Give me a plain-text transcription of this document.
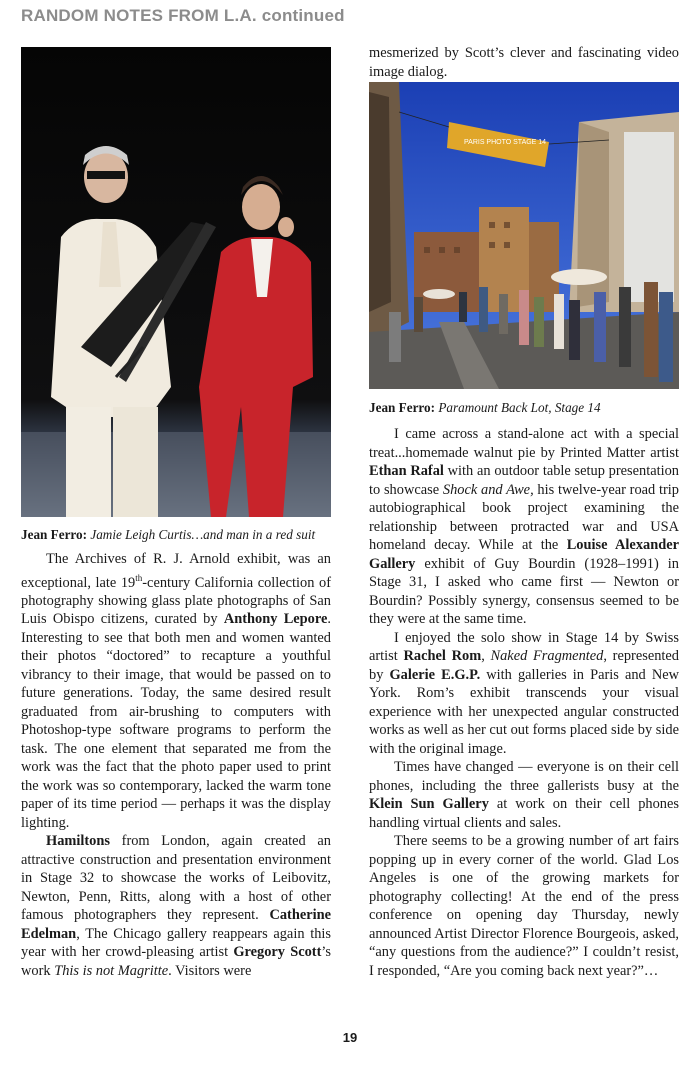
RANDOM NOTES FROM L.A. continued
Jean Ferro: Jamie Leigh Curtis…and man in a red suit
PARIS PHOTO STAGE 14
Jean Ferro: Paramount Back Lot, Stage 14

The Archives of R. J. Arnold exhibit, was an exceptional, late 19th-century California collection of photography showing glass plate photographs of San Luis Obispo citizens, curated by Anthony Lepore. Interesting to see that both men and women wanted their photos “doctored” to recapture a youthful vibrancy to their image, that would be passed on to future generations. Today, the same desired result graduated from air-brushing to computers with Photoshop-type software programs to perform the task. The one element that separated me from the work was the fact that the photo paper used to print the work was so contemporary, lacked the warm tone paper of its time period — perhaps it was the display lighting.

Hamiltons from London, again created an attractive construction and presentation environment in Stage 32 to showcase the works of Leibovitz, Newton, Penn, Ritts, along with a host of other famous photographers they represent. Catherine Edelman, The Chicago gallery reappears again this year with her crowd-pleasing artist Gregory Scott’s work This is not Magritte. Visitors were

mesmerized by Scott’s clever and fascinating video image dialog.

I came across a stand-alone act with a special treat...homemade walnut pie by Printed Matter artist Ethan Rafal with an outdoor table setup presentation to showcase Shock and Awe, his twelve-year road trip autobiographical book project examining the relationship between protracted war and USA homeland decay. While at the Louise Alexander Gallery exhibit of Guy Bourdin (1928–1991) in Stage 31, I asked who came first — Newton or Bourdin? Possibly synergy, consensus seemed to be they were at the same time.

I enjoyed the solo show in Stage 14 by Swiss artist Rachel Rom, Naked Fragmented, represented by Galerie E.G.P. with galleries in Paris and New York. Rom’s exhibit transcends your visual experience with her unexpected angular constructed works as well as her cut out forms placed side by side with the original image.

Times have changed — everyone is on their cell phones, including the three gallerists busy at the Klein Sun Gallery at work on their cell phones handling virtual clients and sales.

There seems to be a growing number of art fairs popping up in every corner of the world. Glad Los Angeles is one of the growing markets for photography collecting! At the end of the press conference on opening day Thursday, newly announced Artist Director Florence Bourgeois, asked, “any questions from the audience?” I couldn’t resist, I responded, “Are you coming back next year?”…

19
